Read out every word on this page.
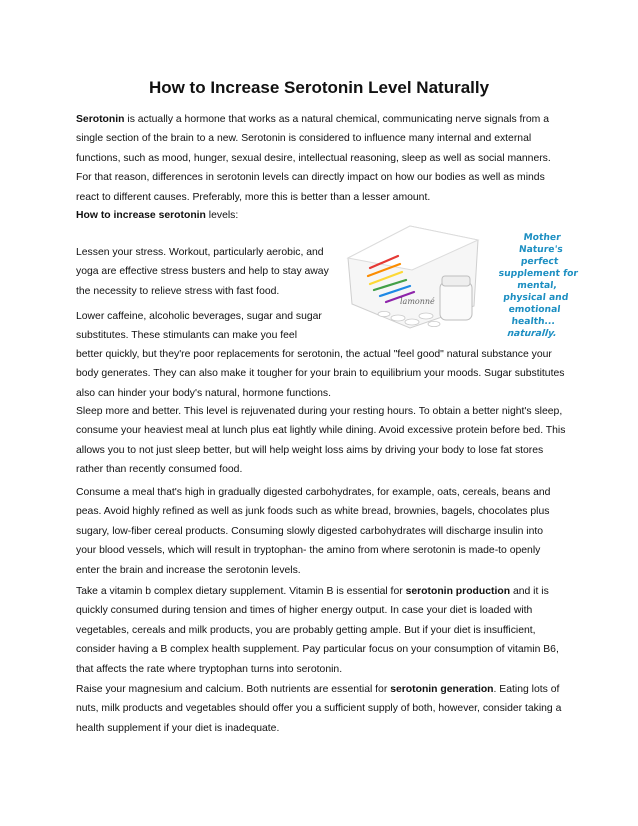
How to Increase Serotonin Level Naturally

Serotonin is actually a hormone that works as a natural chemical, communicating nerve signals from a single section of the brain to a new. Serotonin is considered to influence many internal and external functions, such as mood, hunger, sexual desire, intellectual reasoning, sleep as well as social manners. For that reason, differences in serotonin levels can directly impact on how our bodies as well as minds react to different causes. Preferably, more this is better than a lesser amount.

How to increase serotonin levels:

Lessen your stress. Workout, particularly aerobic, and yoga are effective stress busters and help to stay away the necessity to relieve stress with fast food.

Lower caffeine, alcoholic beverages, sugar and sugar substitutes. These stimulants can make you feel

better quickly, but they're poor replacements for serotonin, the actual "feel good" natural substance your body generates. They can also make it tougher for your brain to equilibrium your moods. Sugar substitutes also can hinder your body's natural, hormone functions.

Sleep more and better. This level is rejuvenated during your resting hours. To obtain a better night's sleep, consume your heaviest meal at lunch plus eat lightly while dining. Avoid excessive protein before bed. This allows you to not just sleep better, but will help weight loss aims by driving your body to lose fat stores rather than recently consumed food.

Consume a meal that's high in gradually digested carbohydrates, for example, oats, cereals, beans and peas. Avoid highly refined as well as junk foods such as white bread, brownies, bagels, chocolates plus sugary, low-fiber cereal products. Consuming slowly digested carbohydrates will discharge insulin into your blood vessels, which will result in tryptophan- the amino from where serotonin is made-to openly enter the brain and increase the serotonin levels.

Take a vitamin b complex dietary supplement. Vitamin B is essential for serotonin production and it is quickly consumed during tension and times of higher energy output. In case your diet is loaded with vegetables, cereals and milk products, you are probably getting ample. But if your diet is insufficient, consider having a B complex health supplement. Pay particular focus on your consumption of vitamin B6, that affects the rate where tryptophan turns into serotonin.

Raise your magnesium and calcium. Both nutrients are essential for serotonin generation. Eating lots of nuts, milk products and vegetables should offer you a sufficient supply of both, however, consider taking a health supplement if your diet is inadequate.

lamonné
Mother Nature's
perfect supplement for
mental, physical and
emotional health...
naturally.
